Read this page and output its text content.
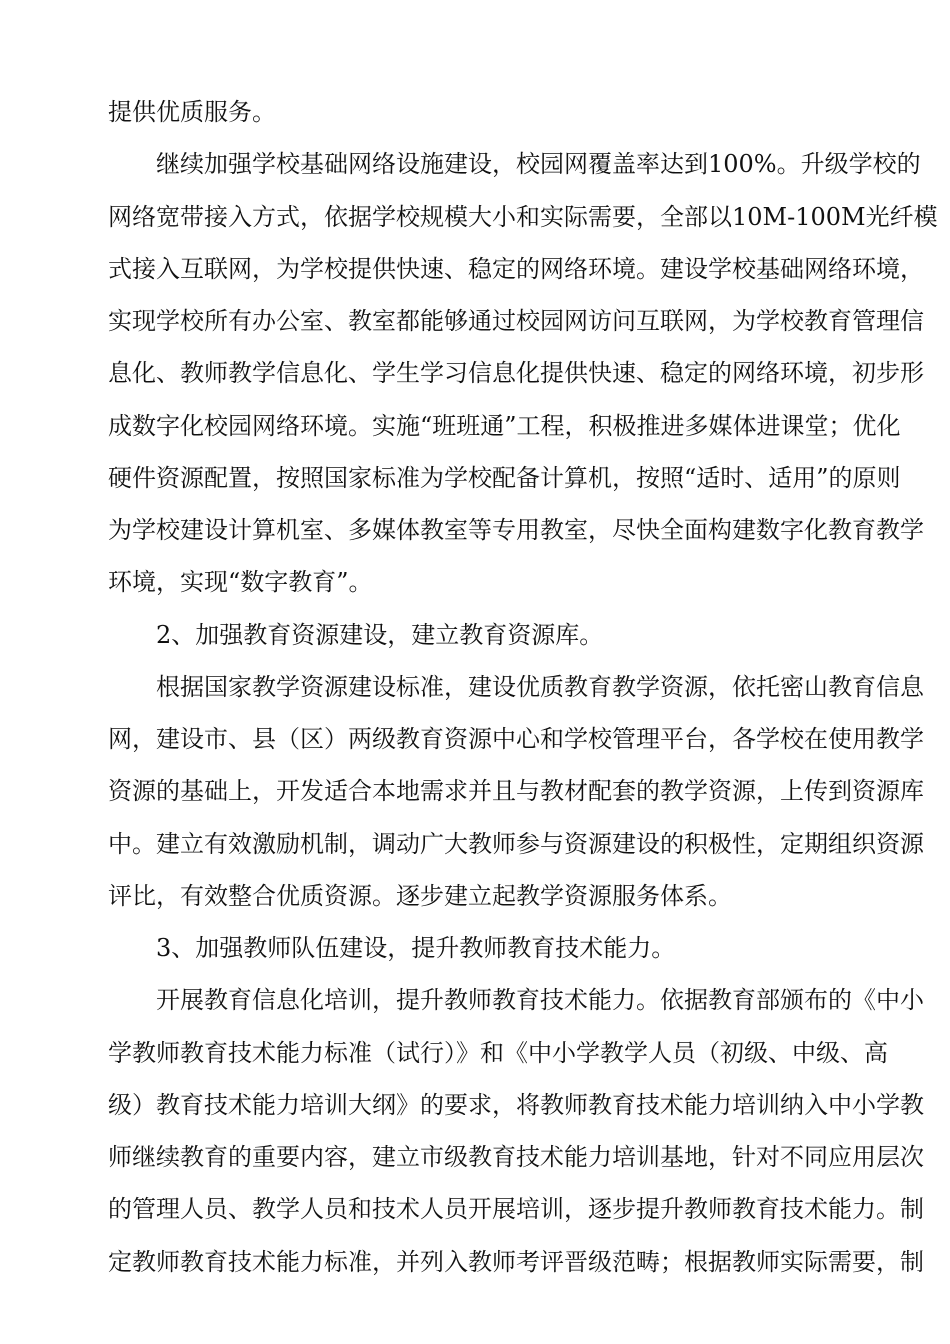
提供优质服务。
继续加强学校基础网络设施建设，校园网覆盖率达到100%。升级学校的
网络宽带接入方式，依据学校规模大小和实际需要，全部以10M-100M光纤模
式接入互联网，为学校提供快速、稳定的网络环境。建设学校基础网络环境，
实现学校所有办公室、教室都能够通过校园网访问互联网，为学校教育管理信
息化、教师教学信息化、学生学习信息化提供快速、稳定的网络环境，初步形
成数字化校园网络环境。实施“班班通”工程，积极推进多媒体进课堂；优化
硬件资源配置，按照国家标准为学校配备计算机，按照“适时、适用”的原则
为学校建设计算机室、多媒体教室等专用教室，尽快全面构建数字化教育教学
环境，实现“数字教育”。
2、加强教育资源建设，建立教育资源库。
根据国家教学资源建设标准，建设优质教育教学资源，依托密山教育信息
网，建设市、县（区）两级教育资源中心和学校管理平台，各学校在使用教学
资源的基础上，开发适合本地需求并且与教材配套的教学资源，上传到资源库
中。建立有效激励机制，调动广大教师参与资源建设的积极性，定期组织资源
评比，有效整合优质资源。逐步建立起教学资源服务体系。
3、加强教师队伍建设，提升教师教育技术能力。
开展教育信息化培训，提升教师教育技术能力。依据教育部颁布的《中小
学教师教育技术能力标准（试行）》和《中小学教学人员（初级、中级、高
级）教育技术能力培训大纲》的要求，将教师教育技术能力培训纳入中小学教
师继续教育的重要内容，建立市级教育技术能力培训基地，针对不同应用层次
的管理人员、教学人员和技术人员开展培训，逐步提升教师教育技术能力。制
定教师教育技术能力标准，并列入教师考评晋级范畴；根据教师实际需要，制
